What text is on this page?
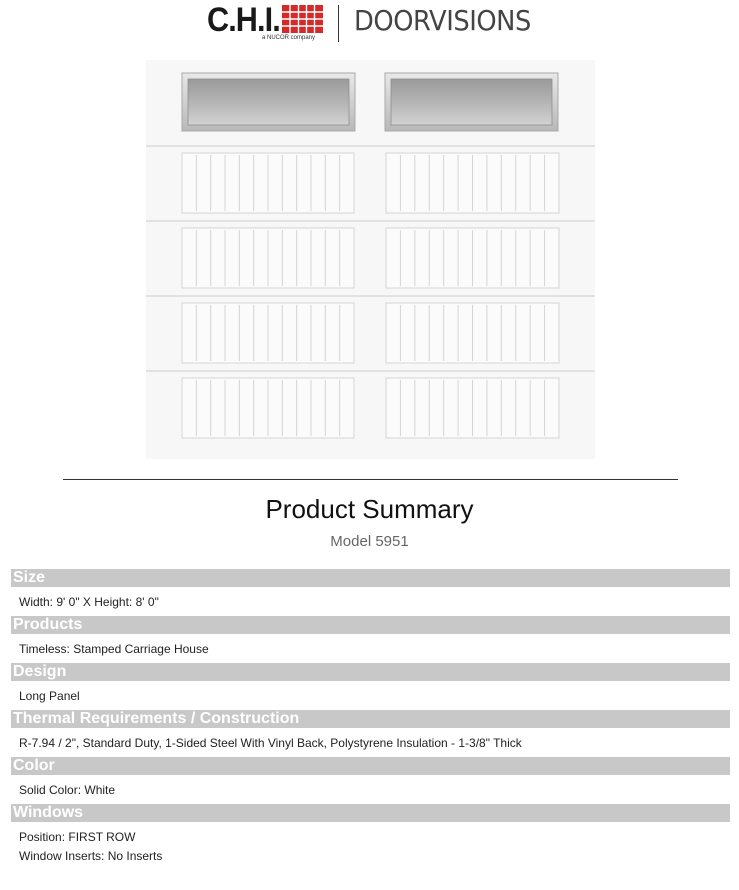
C.H.I.
a NUCOR company
DOORVISIONS
Product Summary
Model 5951
Size
Width: 9' 0" X Height: 8' 0"
Products
Timeless: Stamped Carriage House
Design
Long Panel
Thermal Requirements / Construction
R-7.94 / 2", Standard Duty, 1-Sided Steel With Vinyl Back, Polystyrene Insulation - 1-3/8" Thick
Color
Solid Color: White
Windows
Position: FIRST ROW
Window Inserts: No Inserts
